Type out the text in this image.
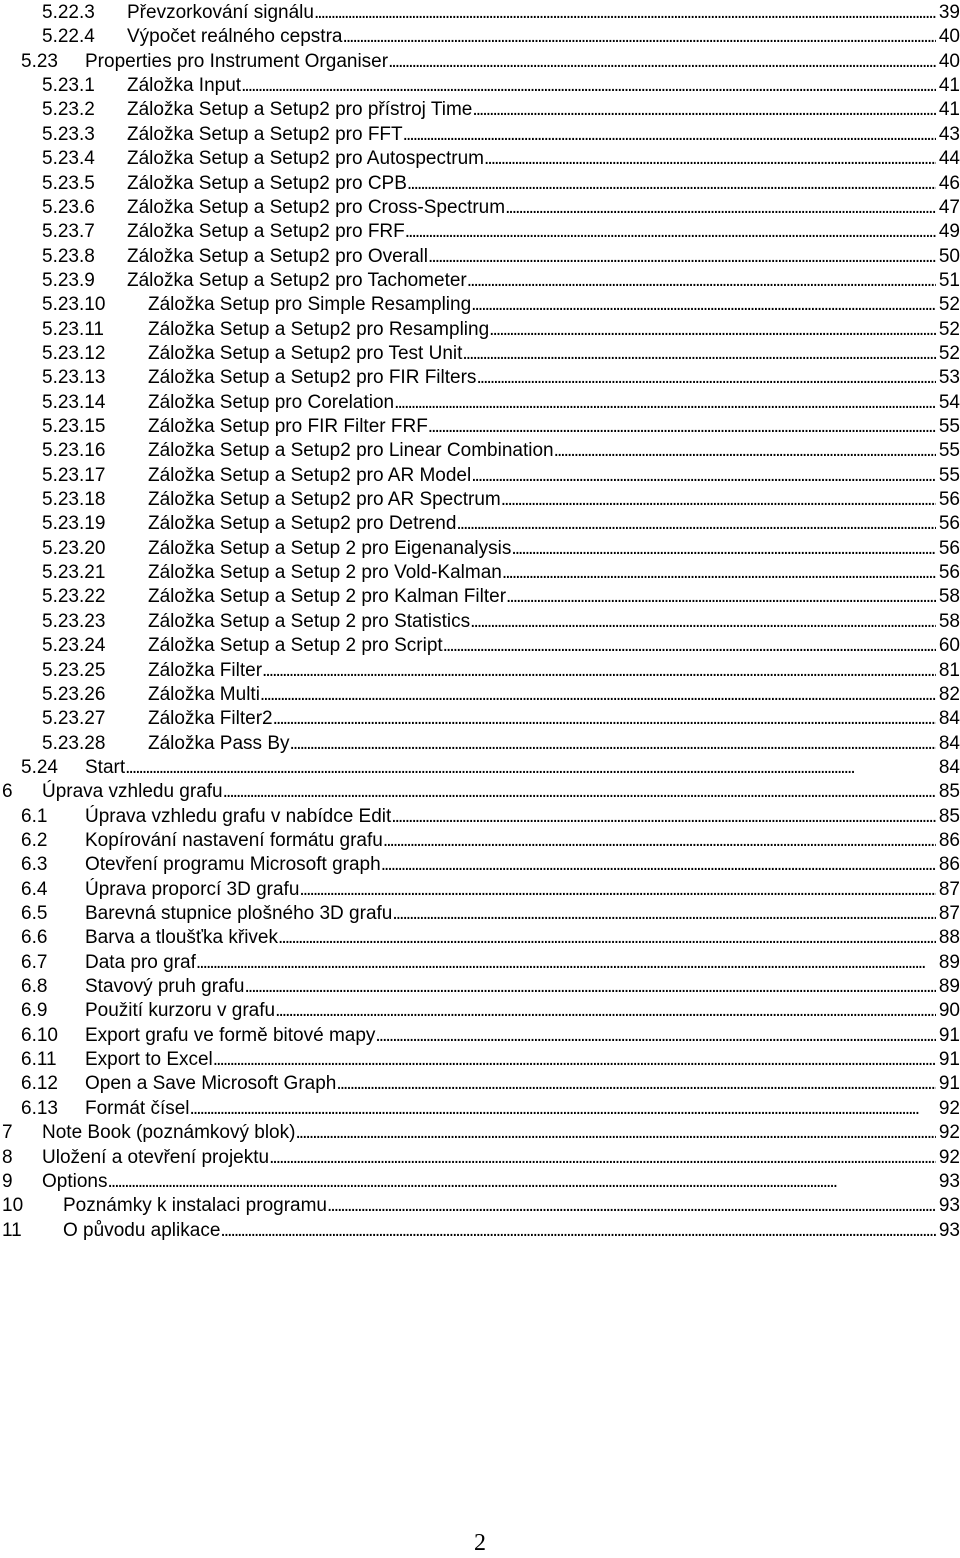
5.22.3 Převzorkování signálu . . .	39
5.22.4 Výpočet reálného cepstra . . .	40
5.23 Properties pro Instrument Organiser . . .	40
5.23.1 Záložka Input . . .	41
5.23.2 Záložka Setup a Setup2 pro přístroj Time . . .	41
5.23.3 Záložka Setup a Setup2 pro FFT . . .	43
5.23.4 Záložka Setup a Setup2 pro Autospectrum . . .	44
5.23.5 Záložka Setup a Setup2 pro CPB . . .	46
5.23.6 Záložka Setup a Setup2 pro Cross-Spectrum . . .	47
5.23.7 Záložka Setup a Setup2 pro FRF . . .	49
5.23.8 Záložka Setup a Setup2 pro Overall . . .	50
5.23.9 Záložka Setup a Setup2 pro Tachometer . . .	51
5.23.10 Záložka Setup pro Simple Resampling . . .	52
5.23.11 Záložka Setup a Setup2 pro Resampling . . .	52
5.23.12 Záložka Setup a Setup2 pro Test Unit . . .	52
5.23.13 Záložka Setup a Setup2 pro FIR Filters . . .	53
5.23.14 Záložka Setup pro Corelation . . .	54
5.23.15 Záložka Setup pro FIR Filter FRF . . .	55
5.23.16 Záložka Setup a Setup2 pro Linear Combination . . .	55
5.23.17 Záložka Setup a Setup2 pro AR Model . . .	55
5.23.18 Záložka Setup a Setup2 pro AR Spectrum . . .	56
5.23.19 Záložka Setup a Setup2 pro Detrend . . .	56
5.23.20 Záložka Setup a Setup 2 pro Eigenanalysis . . .	56
5.23.21 Záložka Setup a Setup 2 pro Vold-Kalman . . .	56
5.23.22 Záložka Setup a Setup 2 pro Kalman Filter . . .	58
5.23.23 Záložka Setup a Setup 2 pro Statistics . . .	58
5.23.24 Záložka Setup a Setup 2 pro Script . . .	60
5.23.25 Záložka Filter . . .	81
5.23.26 Záložka Multi . . .	82
5.23.27 Záložka Filter2 . . .	84
5.23.28 Záložka Pass By . . .	84
5.24 Start . . .	84
6 Úprava vzhledu grafu . . .	85
6.1 Úprava vzhledu grafu v nabídce Edit . . .	85
6.2 Kopírování nastavení formátu grafu . . .	86
6.3 Otevření programu Microsoft graph . . .	86
6.4 Úprava proporcí 3D grafu . . .	87
6.5 Barevná stupnice plošného 3D grafu . . .	87
6.6 Barva a tloušťka křivek . . .	88
6.7 Data pro graf . . .	89
6.8 Stavový pruh grafu . . .	89
6.9 Použití kurzoru v grafu . . .	90
6.10 Export grafu ve formě bitové mapy . . .	91
6.11 Export to Excel . . .	91
6.12 Open a Save Microsoft Graph . . .	91
6.13 Formát čísel . . .	92
7 Note Book (poznámkový blok) . . .	92
8 Uložení a otevření projektu . . .	92
9 Options . . .	93
10 Poznámky k instalaci programu . . .	93
11 O původu aplikace . . .	93
2
